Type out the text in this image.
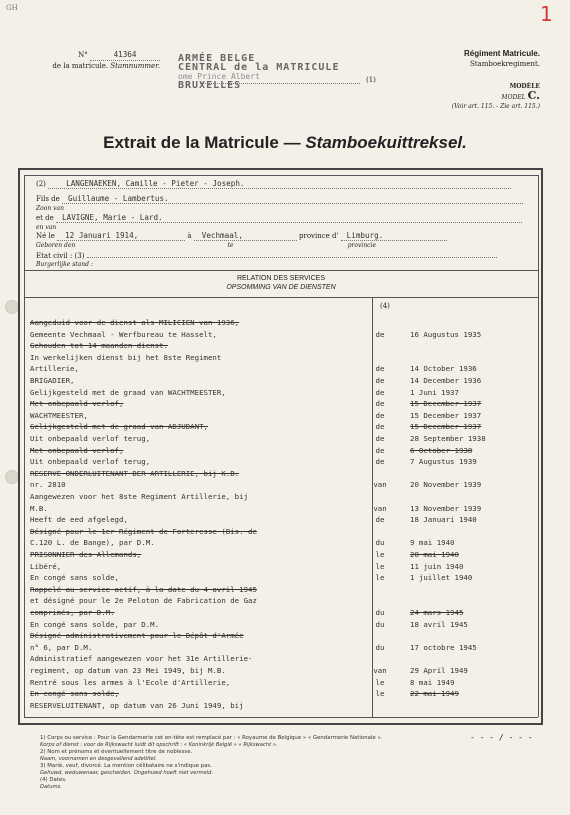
GH	1
N°	41364
de la matricule. Stamnummer.
ARMÉE BELGE
CENTRAL de la MATRICULE
ome Prince Albert
BRUXELLES	(1)
Régiment Matricule.
Stamboekregiment.
MODÈLE
MODEL C.
(Voir art. 115. - Zie art. 115.)
Extrait de la Matricule — Stamboekuittreksel.
(2)	LANGENAEKEN, Camille - Pieter - Joseph.
Fils de Guillaume - Lambertus.
Zoon van
et de LAVIGNE, Marie - Lard.
en van
Né le 12 Januari 1914,	à Vechmaal,	province d' Limburg.
Geboren den	te	provincie
Etat civil : (3)
Burgerlijke stand :
RELATION DES SERVICES
OPSOMMING VAN DE DIENSTEN
(4)
Aangeduid voor de dienst als MILICIEN van 1936,
Gemeente Vechmaal - Werfbureau te Hasselt,	de	16 Augustus 1935
Gehouden tot 14 maanden dienst.
In werkelijken dienst bij het 8ste Regiment
Artillerie,	de	14 October 1936
BRIGADIER,	de	14 December 1936
Gelijkgesteld met de graad van WACHTMEESTER,	de	1 Juni 1937
Met onbepaald verlof,	de	15 December 1937
WACHTMEESTER,	de	15 December 1937
Gelijkgesteld met de graad van ADJUDANT,	de	15 December 1937
Uit onbepaald verlof terug,	de	28 September 1938
Met onbepaald verlof,	de	6 October 1938
Uit onbepaald verlof terug,	de	7 Augustus 1939
RESERVE-ONDERLUITENANT DER ARTILLERIE, bij K.B.
nr. 2810	van	20 November 1939
Aangewezen voor het 8ste Regiment Artillerie, bij
M.B.	van	13 November 1939
Heeft de eed afgelegd,	de	18 Januari 1940
Désigné pour le 1er Régiment de Forteresse (Bis. de
C.120 L. de Bange), par D.M.	du	9 mai 1940
PRISONNIER des Allemands,	le	28 mai 1940
Libéré,	le	11 juin 1940
En congé sans solde,	le	1 juillet 1940
Rappelé au service actif, à la date du 4 avril 1945
et désigné pour le 2e Peloton de Fabrication de Gaz
comprimés, par D.M.	du	24 mars 1945
En congé sans solde, par D.M.	du	18 avril 1945
Désigné administrativement pour le Dépôt d'Armée
n° 6, par D.M.	du	17 octobre 1945
Administratief aangewezen voor het 31e Artillerie-
regiment, op datum van 23 Mei 1949, bij M.B.	van	29 April 1949
Rentré sous les armes à l'Ecole d'Artillerie,	le	8 mai 1949
En congé sans solde,	le	22 mai 1949
RESERVELUITENANT, op datum van 26 Juni 1949, bij
- - - / - - -
1) Corps ou service : Pour la Gendarmerie cet en-tête est remplacé par : « Royaume de Belgique » « Gendarmerie Nationale ».
Korps of dienst : voor de Rijkswacht luidt dit opschrift : « Koninkrijk België » « Rijkswacht ».
2) Nom et prénoms et éventuellement titre de noblesse.
Naam, voornamen en desgevallend adeltitel.
3) Marié, veuf, divorcé. La mention célibataire ne s'indique pas.
Gehuwd, weduwenaar, gescheiden. Ongehuwd hoeft niet vermeld.
(4) Dates.
Datums.
